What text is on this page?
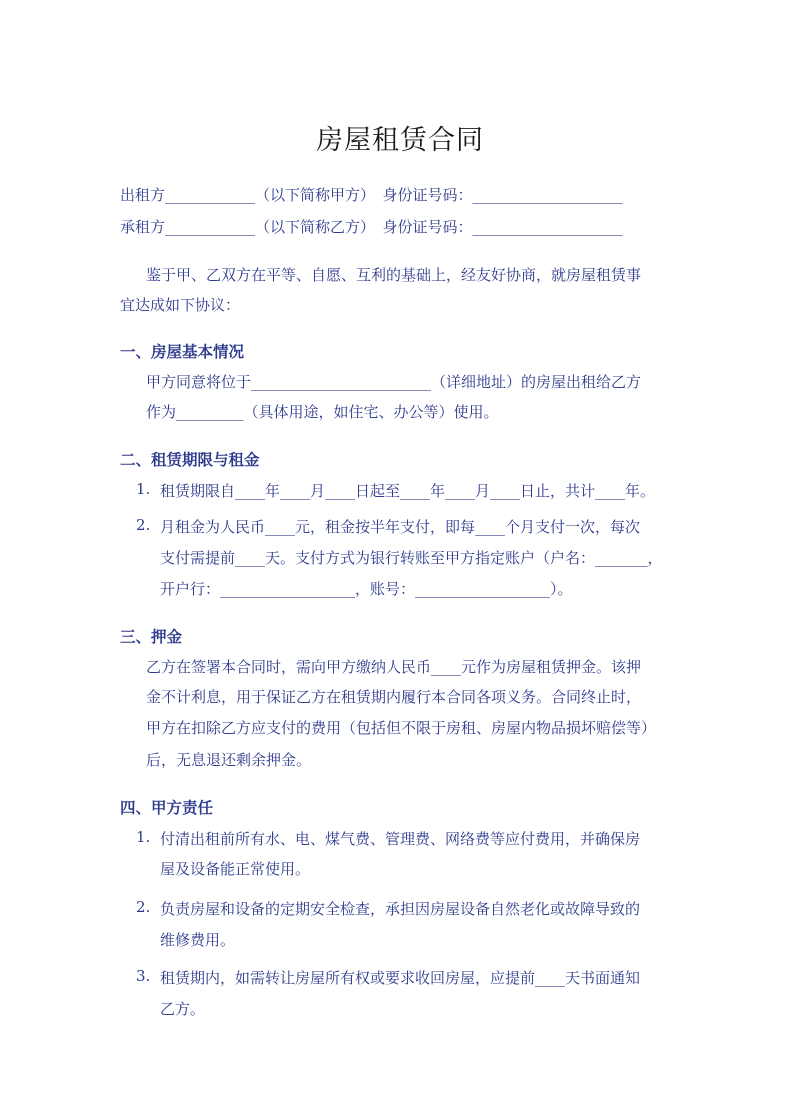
房屋租赁合同
出租方____________（以下简称甲方）　身份证号码：____________________
承租方____________（以下简称乙方）　身份证号码：____________________
鉴于甲、乙双方在平等、自愿、互利的基础上，经友好协商，就房屋租赁事
宜达成如下协议：
一、房屋基本情况
甲方同意将位于________________________（详细地址）的房屋出租给乙方
作为_________（具体用途，如住宅、办公等）使用。
二、租赁期限与租金
1. 租赁期限自____年____月____日起至____年____月____日止，共计____年。
2. 月租金为人民币____元，租金按半年支付，即每____个月支付一次，每次
支付需提前____天。支付方式为银行转账至甲方指定账户（户名：_______，
开户行：__________________，账号：__________________）。
三、押金
乙方在签署本合同时，需向甲方缴纳人民币____元作为房屋租赁押金。该押
金不计利息，用于保证乙方在租赁期内履行本合同各项义务。合同终止时，
甲方在扣除乙方应支付的费用（包括但不限于房租、房屋内物品损坏赔偿等）
后，无息退还剩余押金。
四、甲方责任
1. 付清出租前所有水、电、煤气费、管理费、网络费等应付费用，并确保房
屋及设备能正常使用。
2. 负责房屋和设备的定期安全检查，承担因房屋设备自然老化或故障导致的
维修费用。
3. 租赁期内，如需转让房屋所有权或要求收回房屋，应提前____天书面通知
乙方。
